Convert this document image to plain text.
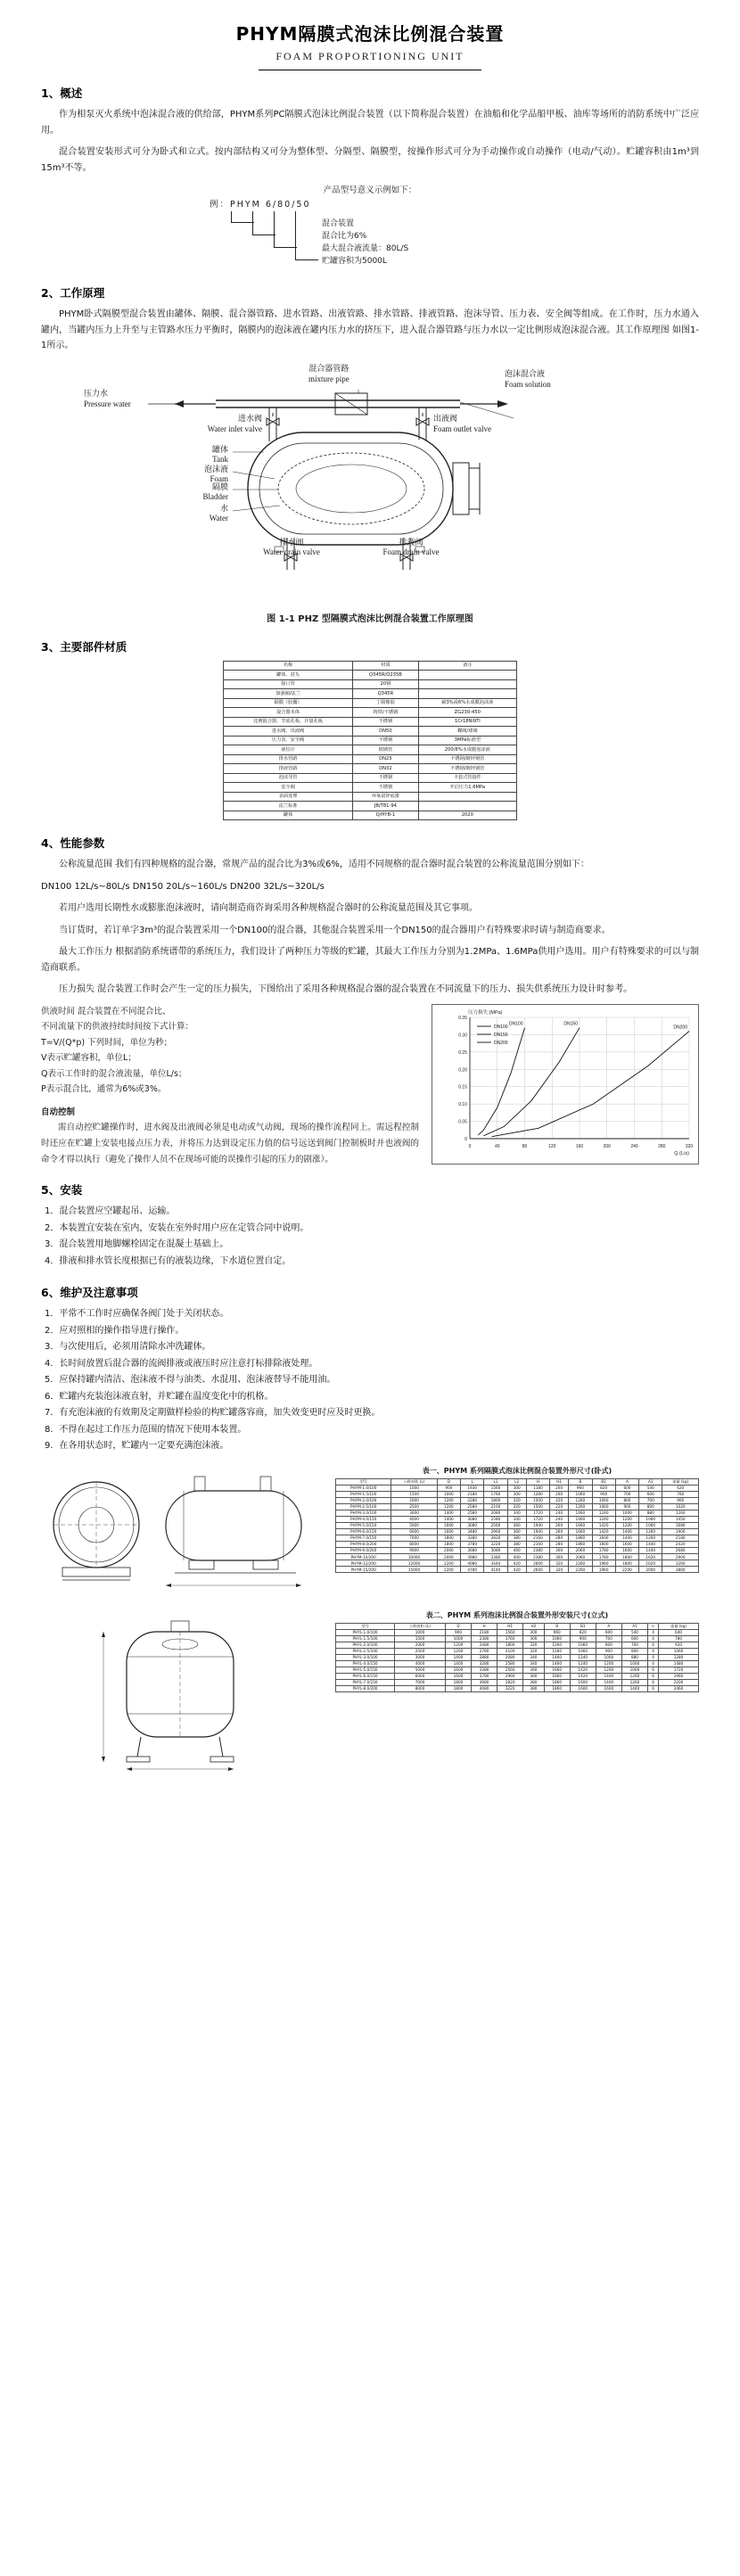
PHYM隔膜式泡沫比例混合装置
FOAM PROPORTIONING UNIT
1、概述

作为相泵灭火系统中泡沫混合液的供给部，PHYM系列PC隔膜式泡沫比例混合装置（以下简称混合装置）在油船和化学品船甲板、油库等场所的消防系统中广泛应用。

混合装置安装形式可分为卧式和立式。按内部结构又可分为整体型、分隔型、隔膜型，按操作形式可分为手动操作或自动操作（电动/气动）。贮罐容积由1m³到15m³不等。

产品型号意义示例如下：
例：PHYM 6/80/50
贮罐容积为5000L
最大混合液流量：80L/S
混合比为6%
混合装置
2、工作原理

PHYM卧式隔膜型混合装置由罐体、隔膜、混合器管路、进水管路、出液管路、排水管路、排液管路、泡沫导管、压力表、安全阀等组成。在工作时，压力水通入罐内，当罐内压力上升至与主管路水压力平衡时，隔膜内的泡沫液在罐内压力水的挤压下，进入混合器管路与压力水以一定比例形成泡沫混合液。其工作原理图 如图1-1所示。

压力水
Pressure water
混合器管路
mixture pipe
泡沫混合液
Foam solution
进水阀
Water inlet valve
出液阀
Foam outlet valve
罐体
Tank
泡沫液
Foam
隔膜
Bladder
水
Water
排水阀
Water drain valve
排液阀
Foam drain valve
图 1-1 PHZ 型隔膜式泡沫比例混合装置工作原理图
3、主要部件材质
名称	材质	备注
罐体、封头	Q345R/Q235B	
接口管	20钢	
加强圈/法兰	Q345R	
隔膜（胶囊）	丁腈橡胶	耐3%或6%水成膜泡沫液
混合器本体	铸铁/不锈钢	ZG230-450
比例混合器、节流孔板、计量孔板	不锈钢	1Cr18Ni9Ti
进水阀、出液阀	DN50	蝶阀/球阀
压力表、安全阀	不锈钢	3MPa标准型
液位计	玻璃管	200/6%水成膜泡沫液
排水管路	DN25	不锈钢/镀锌钢管
排液管路	DN32	不锈钢/镀锌钢管
泡沫导管	不锈钢	卡套式管接件
安全阀	不锈钢	开启压力1.6MPa
表面处理	环氧富锌底漆	
法兰标准	JB/T81-94	
罐体	Q/HYB-1	2020
4、性能参数

公称流量范围 我们有四种规格的混合器，常规产品的混合比为3%或6%，适用不同规格的混合器时混合装置的公称流量范围分别如下：

DN100 12L/s~80L/s DN150 20L/s~160L/s DN200 32L/s~320L/s

若用户选用长期性水或膨胀泡沫液时，请向制造商咨询采用各种规格混合器时的公称流量范围及其它事项。

当订货时，若订单字3m³的混合装置采用一个DN100的混合器，其他混合装置采用一个DN150的混合器用户有特殊要求时请与制造商要求。

最大工作压力 根据消防系统谱带的系统压力，我们设计了两种压力等级的贮罐，其最大工作压力分别为1.2MPa、1.6MPa供用户选用。用户有特殊要求的可以与制造商联系。

压力损失 混合装置工作时会产生一定的压力损失，下图给出了采用各种规格混合器的混合装置在不同流量下的压力、损失供系统压力设计时参考。

供液时间 混合装置在不同混合比、
不同流量下的供液持续时间按下式计算：
T=V/(Q*p) 下列时间，单位为秒；
V表示贮罐容积，单位L；
Q表示工作时的混合液流量，单位L/s；
P表示混合比，通常为6%或3%。
自动控制
需自动控贮罐操作时，进水阀及出液阀必须是电动或气动阀，现场的操作流程同上。需远程控制时还应在贮罐上安装电接点压力表，并将压力达到设定压力值的信号远送到阀门控制板时并也液阀的命令才得以执行（避免了操作人员不在现场可能的误操作引起的压力的剧涨）。
0	40	80	120	160	200	240	280	320
0
0.05
0.10
0.15
0.20
0.25
0.30
0.35
Q (L/s)
压力损失 (MPa)
DN100	DN150
DN200
DN100
DN150
DN200
5、安装
1．混合装置应空罐起吊、运输。
2．本装置宜安装在室内，安装在室外时用户应在定管合同中说明。
3．混合装置用地脚螺栓固定在混凝土基础上。
4．排液和排水管长度根据已有的液装边缘，下水道位置自定。
6、维护及注意事项
1．平常不工作时应确保各阀门处于关闭状态。
2．应对照相的操作指导进行操作。
3．与次使用后，必须用清除水冲洗罐体。
4．长时间放置后混合器的流阀排液或液压时应注意打标排除液处理。
5．应保持罐内清洁、泡沫液不得与油类、水混用、泡沫液替导不能用油。
6．贮罐内充装泡沫液直射，并贮罐在温度变化中的机格。
7．有充泡沫液的有效期及定期做样检验的构贮罐落容商，加失效变更时应及时更换。
8．不得在起过工作压力范围的情况下使用本装置。
9．在各用状态时，贮罐内一定要充满泡沫液。
表一、PHYM 系列隔膜式泡沫比例混合装置外形尺寸(卧式)
型号	公称容积 (L)	D	L	L1	L2	H	H1	B	B1	A	A1	重量 (kg)
PHYM-1.0/100	1000	900	1930	1560	300	1180	200	960	820	600	540	620
PHYM-1.5/100	1500	1000	2180	1760	300	1280	200	1060	900	700	600	760
PHYM-2.0/100	2000	1200	2280	1800	320	1500	220	1260	1060	800	700	900
PHYM-2.5/100	2500	1200	2580	2100	320	1500	220	1260	1060	900	800	1020
PHYM-3.0/100	3000	1400	2580	2080	340	1720	240	1460	1240	1000	880	1260
PHYM-4.0/150	4000	1400	3080	2580	340	1720	240	1460	1240	1200	1060	1450
PHYM-5.0/150	5000	1600	3080	2560	360	1940	260	1660	1420	1200	1060	1680
PHYM-6.0/150	6000	1600	3480	2960	360	1940	260	1660	1420	1400	1260	1900
PHYM-7.0/150	7000	1800	3380	2820	380	2160	280	1860	1600	1400	1260	2180
PHYM-8.0/200	8000	1800	3780	3220	380	2160	280	1860	1600	1600	1440	2420
PHYM-9.0/200	9000	2000	3680	3080	400	2380	300	2060	1780	1600	1440	2680
PHYM-10/200	10000	2000	3980	3380	400	2380	300	2060	1780	1800	1620	2900
PHYM-12/200	12000	2200	4080	3440	420	2600	320	2260	1960	1800	1620	3260
PHYM-15/200	15000	2200	4780	4140	420	2600	320	2260	1960	2200	2000	3800
表二、PHYM 系列泡沫比例混合装置外形安装尺寸(立式)
型号	公称容积 (L)	D	H	H1	H2	B	B1	A	A1	n	重量 (kg)
PHYL-1.0/100	1000	900	2180	1560	300	960	820	600	540	4	640
PHYL-1.5/100	1500	1000	2380	1760	300	1060	900	700	600	4	780
PHYL-2.0/100	2000	1200	2480	1800	320	1260	1060	800	700	4	920
PHYL-2.5/100	2500	1200	2780	2100	320	1260	1060	900	800	4	1060
PHYL-3.0/100	3000	1400	2880	2080	340	1460	1240	1000	880	4	1280
PHYL-4.0/150	4000	1400	3280	2580	340	1460	1240	1200	1060	4	1480
PHYL-5.0/150	5000	1600	3380	2560	360	1660	1420	1200	1060	6	1720
PHYL-6.0/150	6000	1600	3780	2960	360	1660	1420	1400	1260	6	1960
PHYL-7.0/150	7000	1800	3680	2820	380	1860	1600	1400	1260	6	2200
PHYL-8.0/200	8000	1800	4080	3220	380	1860	1600	1600	1440	6	2460
